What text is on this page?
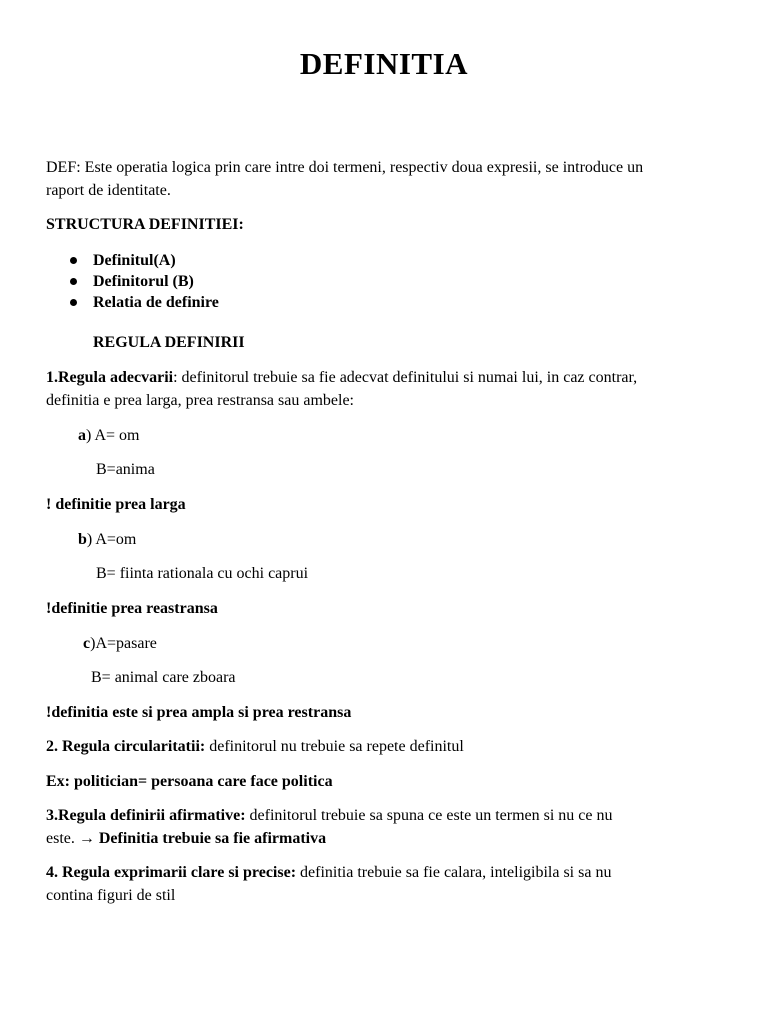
DEFINITIA
DEF: Este operatia logica prin care intre doi termeni, respectiv doua expresii, se introduce un
raport de identitate.
STRUCTURA DEFINITIEI:
Definitul(A)
Definitorul (B)
Relatia de definire
REGULA DEFINIRII
1.Regula adecvarii: definitorul trebuie sa fie adecvat definitului si numai lui, in caz contrar,
definitia e prea larga, prea restransa sau ambele:
a) A= om
B=anima
! definitie prea larga
b) A=om
B= fiinta rationala cu ochi caprui
!definitie prea reastransa
c)A=pasare
B= animal care zboara
!definitia este si prea ampla si prea restransa
2. Regula circularitatii: definitorul nu trebuie sa repete definitul
Ex: politician= persoana care face politica
3.Regula definirii afirmative: definitorul trebuie sa spuna ce este un termen si nu ce nu
este. → Definitia trebuie sa fie afirmativa
4. Regula exprimarii clare si precise: definitia trebuie sa fie calara, inteligibila si sa nu
contina figuri de stil
